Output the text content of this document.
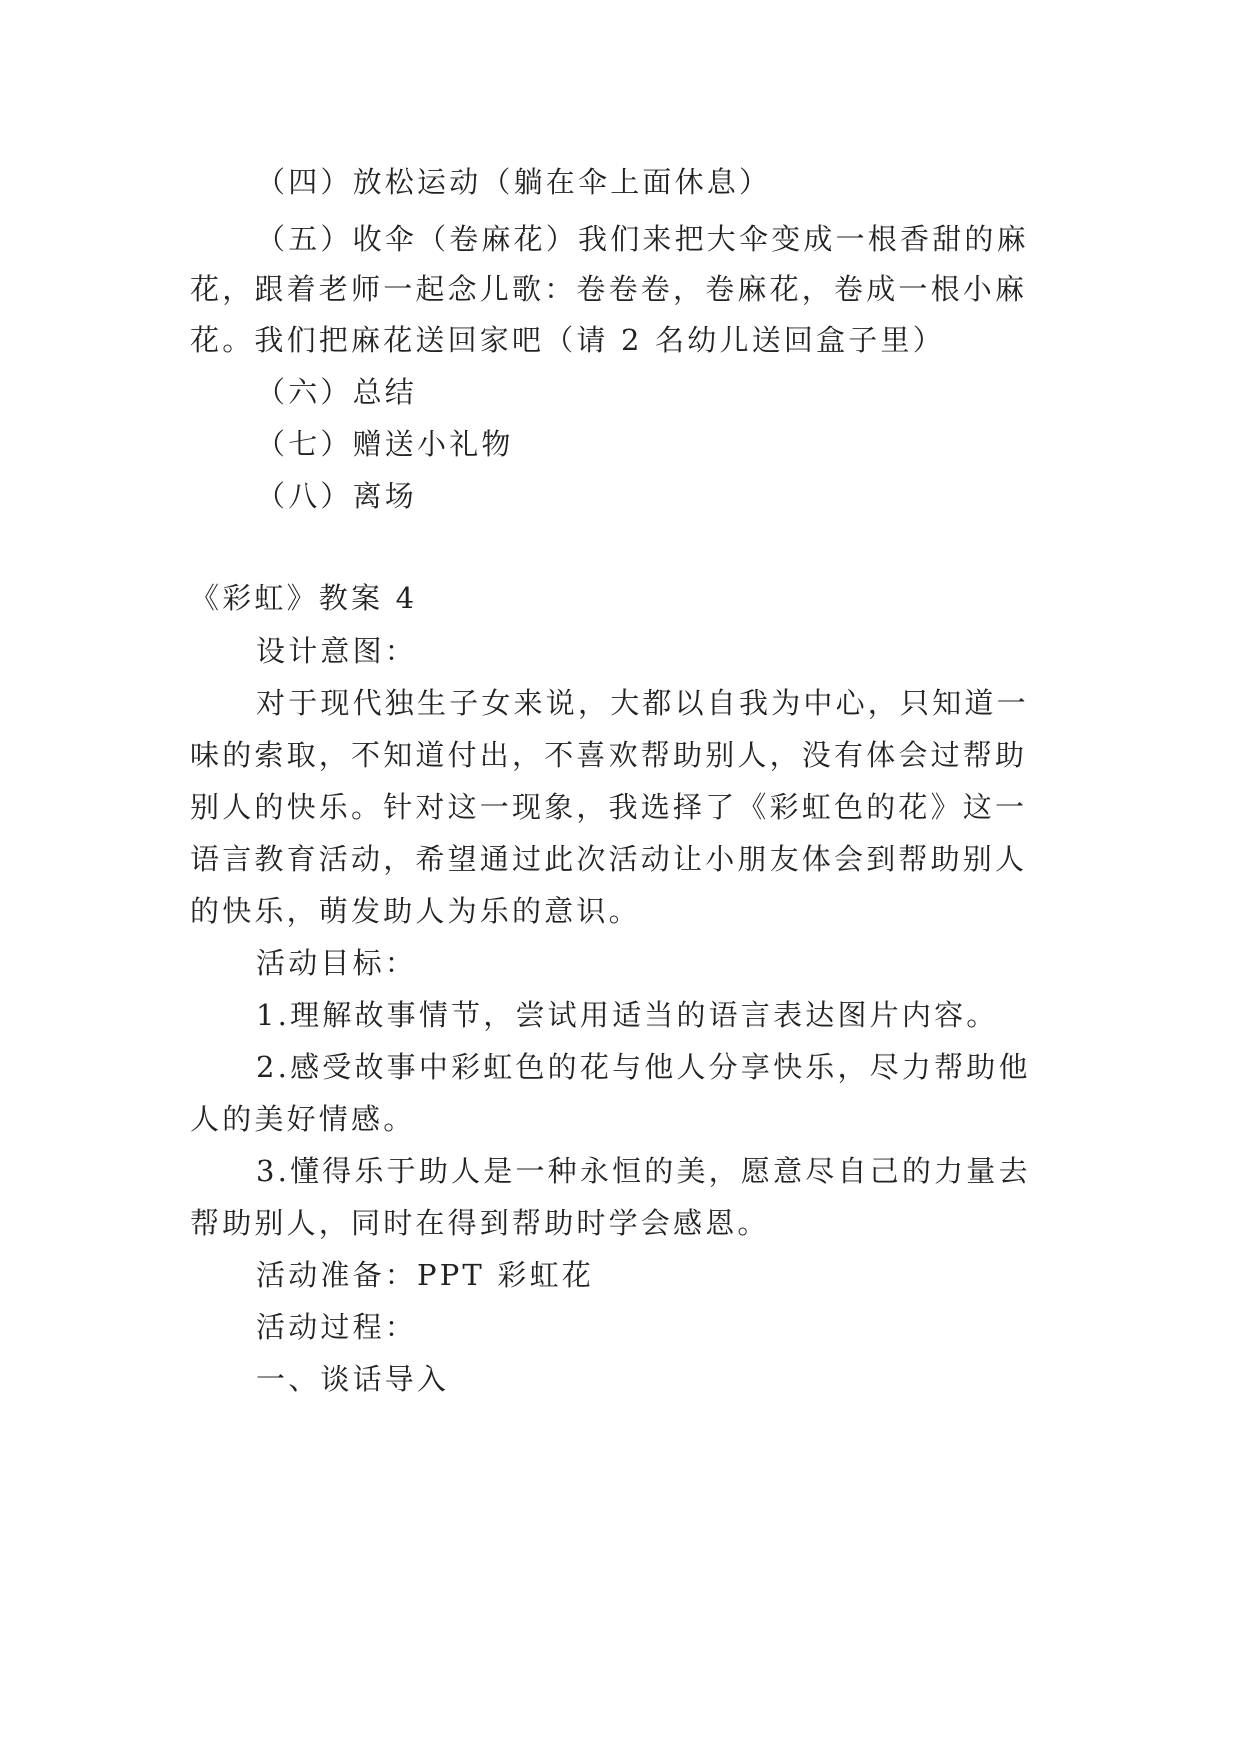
（四）放松运动（躺在伞上面休息）
（五）收伞（卷麻花）我们来把大伞变成一根香甜的麻
花，跟着老师一起念儿歌：卷卷卷，卷麻花，卷成一根小麻
花。我们把麻花送回家吧（请 2 名幼儿送回盒子里）
（六）总结
（七）赠送小礼物
（八）离场
《彩虹》教案 4
设计意图：
对于现代独生子女来说，大都以自我为中心，只知道一
味的索取，不知道付出，不喜欢帮助别人，没有体会过帮助
别人的快乐。针对这一现象，我选择了《彩虹色的花》这一
语言教育活动，希望通过此次活动让小朋友体会到帮助别人
的快乐，萌发助人为乐的意识。
活动目标：
1.理解故事情节，尝试用适当的语言表达图片内容。
2.感受故事中彩虹色的花与他人分享快乐，尽力帮助他
人的美好情感。
3.懂得乐于助人是一种永恒的美，愿意尽自己的力量去
帮助别人，同时在得到帮助时学会感恩。
活动准备：PPT 彩虹花
活动过程：
一、谈话导入
